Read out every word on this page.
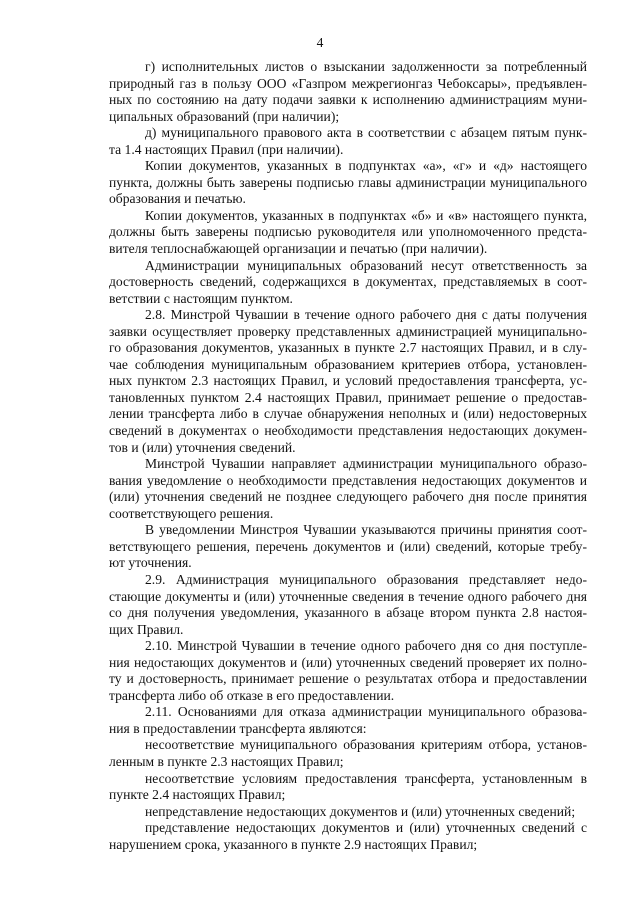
4

г) исполнительных листов о взыскании задолженности за потребленный
природный газ в пользу ООО «Газпром межрегионгаз Чебоксары», предъявлен-
ных по состоянию на дату подачи заявки к исполнению администрациям муни-
ципальных образований (при наличии);

д) муниципального правового акта в соответствии с абзацем пятым пунк-
та 1.4 настоящих Правил (при наличии).

Копии документов, указанных в подпунктах «а», «г» и «д» настоящего
пункта, должны быть заверены подписью главы администрации муниципального
образования и печатью.

Копии документов, указанных в подпунктах «б» и «в» настоящего пункта,
должны быть заверены подписью руководителя или уполномоченного предста-
вителя теплоснабжающей организации и печатью (при наличии).

Администрации муниципальных образований несут ответственность за
достоверность сведений, содержащихся в документах, представляемых в соот-
ветствии с настоящим пунктом.

2.8. Минстрой Чувашии в течение одного рабочего дня с даты получения
заявки осуществляет проверку представленных администрацией муниципально-
го образования документов, указанных в пункте 2.7 настоящих Правил, и в слу-
чае соблюдения муниципальным образованием критериев отбора, установлен-
ных пунктом 2.3 настоящих Правил, и условий предоставления трансферта, ус-
тановленных пунктом 2.4 настоящих Правил, принимает решение о предостав-
лении трансферта либо в случае обнаружения неполных и (или) недостоверных
сведений в документах о необходимости представления недостающих докумен-
тов и (или) уточнения сведений.

Минстрой Чувашии направляет администрации муниципального образо-
вания уведомление о необходимости представления недостающих документов и
(или) уточнения сведений не позднее следующего рабочего дня после принятия
соответствующего решения.

В уведомлении Минстроя Чувашии указываются причины принятия соот-
ветствующего решения, перечень документов и (или) сведений, которые требу-
ют уточнения.

2.9. Администрация муниципального образования представляет недо-
стающие документы и (или) уточненные сведения в течение одного рабочего дня
со дня получения уведомления, указанного в абзаце втором пункта 2.8 настоя-
щих Правил.

2.10. Минстрой Чувашии в течение одного рабочего дня со дня поступле-
ния недостающих документов и (или) уточненных сведений проверяет их полно-
ту и достоверность, принимает решение о результатах отбора и предоставлении
трансферта либо об отказе в его предоставлении.

2.11. Основаниями для отказа администрации муниципального образова-
ния в предоставлении трансферта являются:

несоответствие муниципального образования критериям отбора, установ-
ленным в пункте 2.3 настоящих Правил;

несоответствие условиям предоставления трансферта, установленным в
пункте 2.4 настоящих Правил;

непредставление недостающих документов и (или) уточненных сведений;

представление недостающих документов и (или) уточненных сведений с
нарушением срока, указанного в пункте 2.9 настоящих Правил;
